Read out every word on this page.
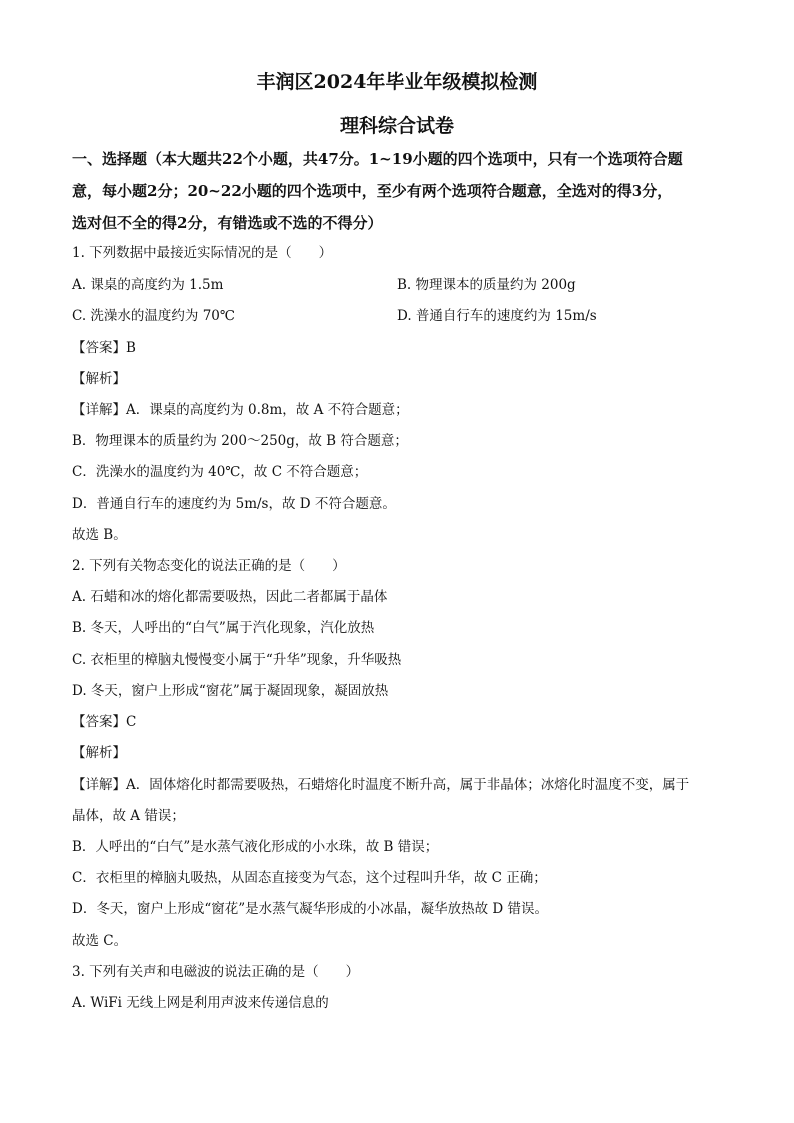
丰润区2024年毕业年级模拟检测
理科综合试卷
一、选择题（本大题共22个小题，共47分。1~19小题的四个选项中，只有一个选项符合题
意，每小题2分；20~22小题的四个选项中，至少有两个选项符合题意，全选对的得3分，
选对但不全的得2分，有错选或不选的不得分）
1. 下列数据中最接近实际情况的是（　　）
A. 课桌的高度约为 1.5m	B. 物理课本的质量约为 200g
C. 洗澡水的温度约为 70℃	D. 普通自行车的速度约为 15m/s
【答案】B
【解析】
【详解】A．课桌的高度约为 0.8m，故 A 不符合题意；
B．物理课本的质量约为 200～250g，故 B 符合题意；
C．洗澡水的温度约为 40℃，故 C 不符合题意；
D．普通自行车的速度约为 5m/s，故 D 不符合题意。
故选 B。
2. 下列有关物态变化的说法正确的是（　　）
A. 石蜡和冰的熔化都需要吸热，因此二者都属于晶体
B. 冬天，人呼出的“白气”属于汽化现象，汽化放热
C. 衣柜里的樟脑丸慢慢变小属于“升华”现象，升华吸热
D. 冬天，窗户上形成“窗花”属于凝固现象，凝固放热
【答案】C
【解析】
【详解】A．固体熔化时都需要吸热，石蜡熔化时温度不断升高，属于非晶体；冰熔化时温度不变，属于
晶体，故 A 错误；
B．人呼出的“白气”是水蒸气液化形成的小水珠，故 B 错误；
C．衣柜里的樟脑丸吸热，从固态直接变为气态，这个过程叫升华，故 C 正确；
D．冬天，窗户上形成“窗花”是水蒸气凝华形成的小冰晶，凝华放热故 D 错误。
故选 C。
3. 下列有关声和电磁波的说法正确的是（　　）
A. WiFi 无线上网是利用声波来传递信息的
